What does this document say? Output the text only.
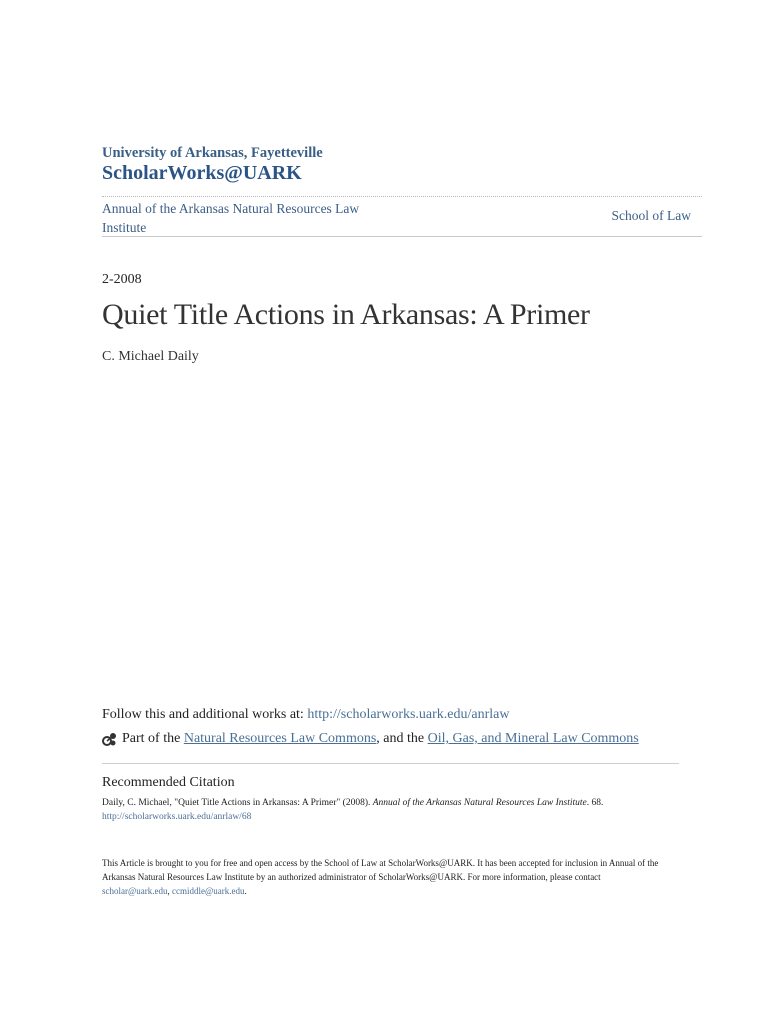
University of Arkansas, Fayetteville
ScholarWorks@UARK
Annual of the Arkansas Natural Resources Law Institute
School of Law
2-2008
Quiet Title Actions in Arkansas: A Primer
C. Michael Daily
Follow this and additional works at: http://scholarworks.uark.edu/anrlaw
Part of the
Natural Resources Law Commons , and the
Oil, Gas, and Mineral Law Commons
Recommended Citation
Daily, C. Michael, "Quiet Title Actions in Arkansas: A Primer" (2008). Annual of the Arkansas Natural Resources Law Institute. 68.
http://scholarworks.uark.edu/anrlaw/68
This Article is brought to you for free and open access by the School of Law at ScholarWorks@UARK. It has been accepted for inclusion in Annual of the Arkansas Natural Resources Law Institute by an authorized administrator of ScholarWorks@UARK. For more information, please contact
scholar@uark.edu, ccmiddle@uark.edu.
